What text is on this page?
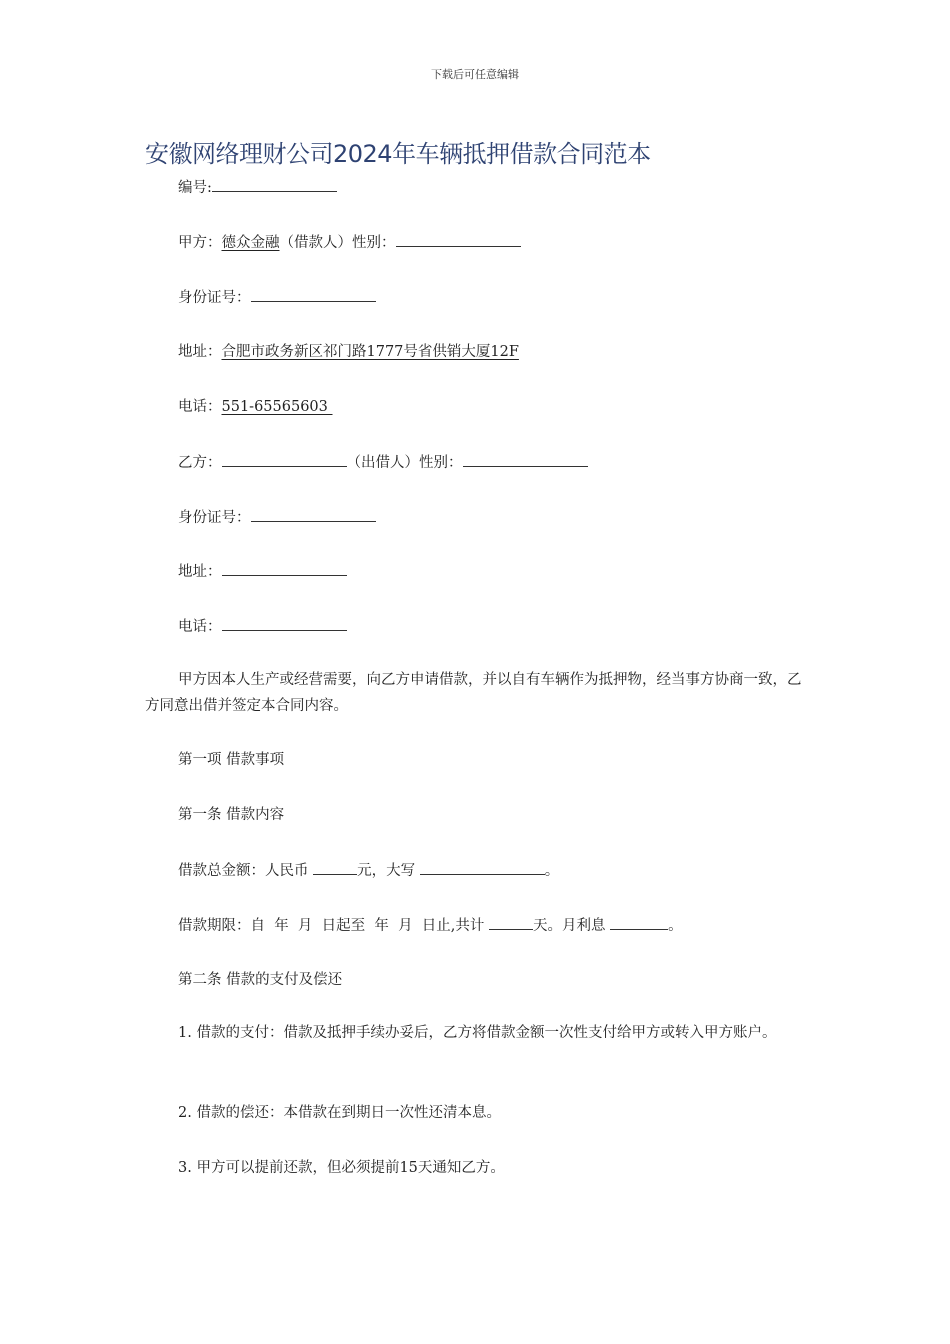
下载后可任意编辑
安徽网络理财公司2024年车辆抵押借款合同范本
编号:
甲方：德众金融（借款人）性别：
身份证号：
地址：合肥市政务新区祁门路1777号省供销大厦12F
电话：551-65565603
乙方：	（出借人）性别：
身份证号：
地址：
电话：
甲方因本人生产或经营需要，向乙方申请借款，并以自有车辆作为抵押物，经当事方协商一致，乙方同意出借并签定本合同内容。
第一项 借款事项
第一条 借款内容
借款总金额：人民币	元，大写	。
借款期限：自  年  月  日起至  年  月  日止,共计	天。月利息	。
第二条 借款的支付及偿还
1. 借款的支付：借款及抵押手续办妥后，乙方将借款金额一次性支付给甲方或转入甲方账户。
2. 借款的偿还：本借款在到期日一次性还清本息。
3. 甲方可以提前还款，但必须提前15天通知乙方。
